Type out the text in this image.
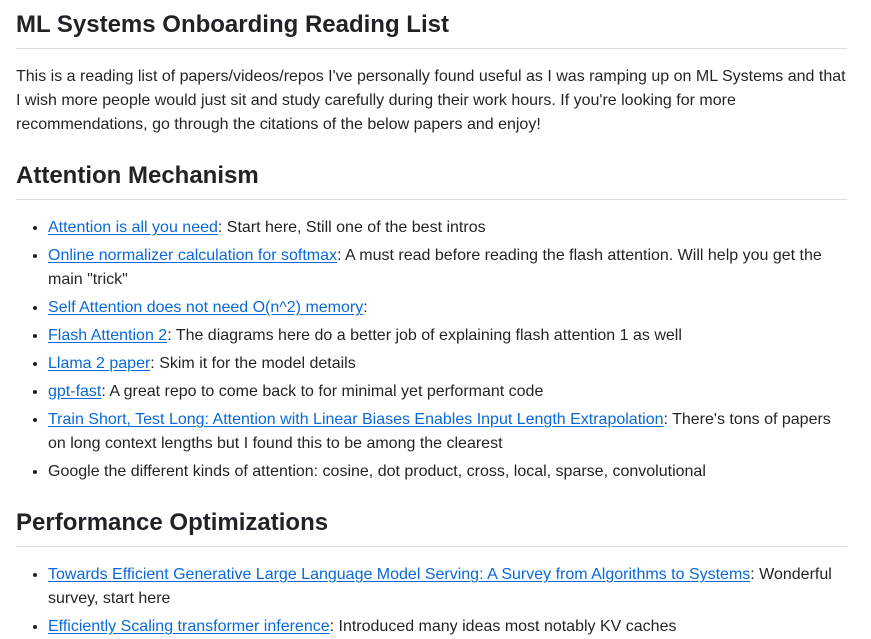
ML Systems Onboarding Reading List

This is a reading list of papers/videos/repos I've personally found useful as I was ramping up on ML Systems and that I wish more people would just sit and study carefully during their work hours. If you're looking for more recommendations, go through the citations of the below papers and enjoy!

Attention Mechanism
• Attention is all you need: Start here, Still one of the best intros
• Online normalizer calculation for softmax: A must read before reading the flash attention. Will help you get the main "trick"
• Self Attention does not need O(n^2) memory:
• Flash Attention 2: The diagrams here do a better job of explaining flash attention 1 as well
• Llama 2 paper: Skim it for the model details
• gpt-fast: A great repo to come back to for minimal yet performant code
• Train Short, Test Long: Attention with Linear Biases Enables Input Length Extrapolation: There's tons of papers on long context lengths but I found this to be among the clearest
• Google the different kinds of attention: cosine, dot product, cross, local, sparse, convolutional
Performance Optimizations
• Towards Efficient Generative Large Language Model Serving: A Survey from Algorithms to Systems: Wonderful survey, start here
• Efficiently Scaling transformer inference: Introduced many ideas most notably KV caches
